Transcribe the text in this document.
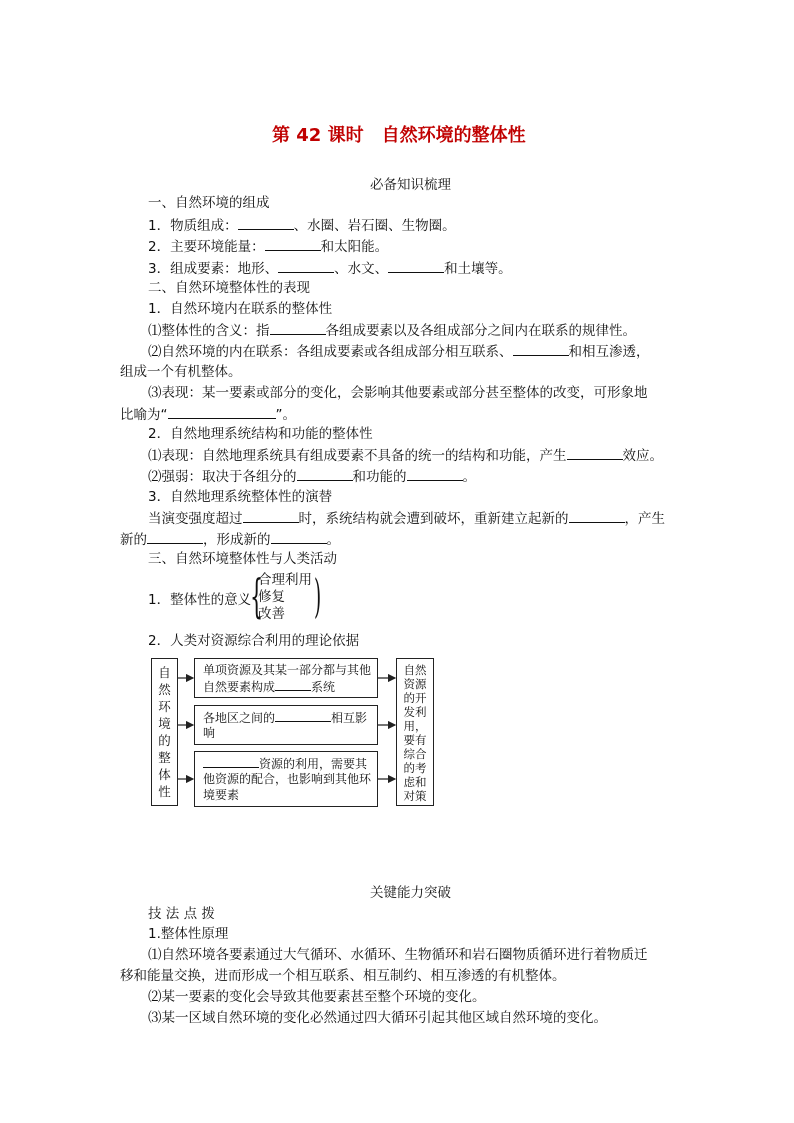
第 42 课时　自然环境的整体性
必备知识梳理
一、自然环境的组成
1．物质组成：	、水圈、岩石圈、生物圈。
2．主要环境能量：	和太阳能。
3．组成要素：地形、	、水文、	和土壤等。
二、自然环境整体性的表现
1．自然环境内在联系的整体性
⑴整体性的含义：指	各组成要素以及各组成部分之间内在联系的规律性。
⑵自然环境的内在联系：各组成要素或各组成部分相互联系、	和相互渗透，
组成一个有机整体。
⑶表现：某一要素或部分的变化，会影响其他要素或部分甚至整体的改变，可形象地
比喻为“	”。
2．自然地理系统结构和功能的整体性
⑴表现：自然地理系统具有组成要素不具备的统一的结构和功能，产生	效应。
⑵强弱：取决于各组分的	和功能的	。
3．自然地理系统整体性的演替
当演变强度超过	时，系统结构就会遭到破坏，重新建立起新的	，产生
新的	，形成新的	。
三、自然环境整体性与人类活动
1．整体性的意义
{
合理利用
修复
改善 )
2．人类对资源综合利用的理论依据
自
然
环
境
的
整
体
性
单项资源及其某一部分都与其他
自然要素构成	系统
各地区之间的	相互影
响
资源的利用，需要其
他资源的配合，也影响到其他环
境要素
自然 资源 的开 发利 用， 要有 综合 的考 虑和 对策
关键能力突破
技 法 点 拨
1.整体性原理
⑴自然环境各要素通过大气循环、水循环、生物循环和岩石圈物质循环进行着物质迁
移和能量交换，进而形成一个相互联系、相互制约、相互渗透的有机整体。
⑵某一要素的变化会导致其他要素甚至整个环境的变化。
⑶某一区域自然环境的变化必然通过四大循环引起其他区域自然环境的变化。
